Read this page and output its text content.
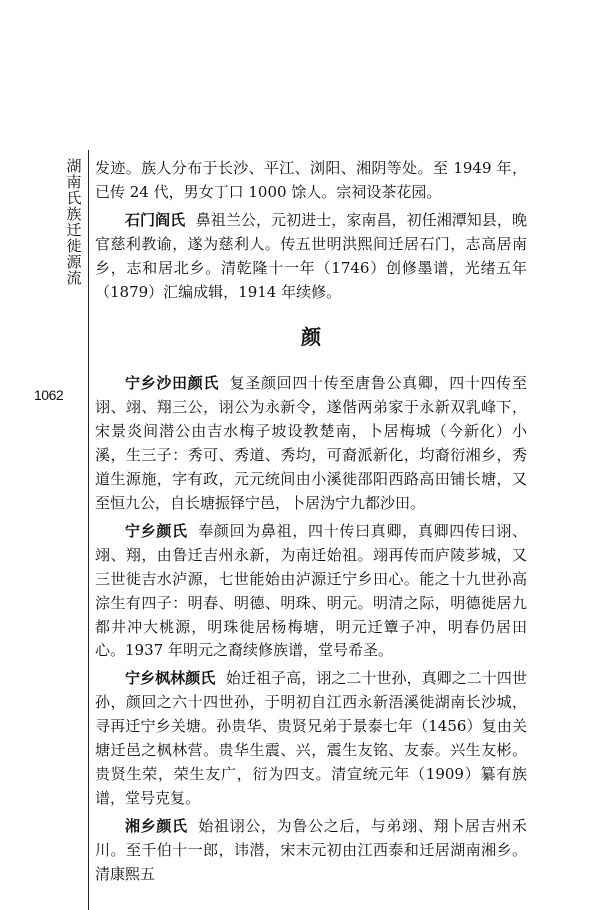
湖南氏族迁徙源流
1062

发迹。族人分布于长沙、平江、浏阳、湘阴等处。至 1949 年，已传 24 代，男女丁口 1000 馀人。宗祠设茶花园。

石门阎氏 鼻祖兰公，元初进士，家南昌，初任湘潭知县，晚官慈利教谕，遂为慈利人。传五世明洪熙间迁居石门，志高居南乡，志和居北乡。清乾隆十一年（1746）创修墨谱，光绪五年（1879）汇编成辑，1914 年续修。

颜

宁乡沙田颜氏 复圣颜回四十传至唐鲁公真卿，四十四传至诩、翊、翔三公，诩公为永新令，遂偕两弟家于永新双乳峰下，宋景炎间潜公由吉水梅子坡设教楚南，卜居梅城（今新化）小溪，生三子：秀可、秀道、秀均，可裔派新化，均裔衍湘乡，秀道生源施，字有政，元元统间由小溪徙邵阳西路高田铺长塘，又至恒九公，自长塘振铎宁邑，卜居沩宁九都沙田。

宁乡颜氏 奉颜回为鼻祖，四十传曰真卿，真卿四传曰诩、翊、翔，由鲁迁吉州永新，为南迁始祖。翊再传而庐陵芗城，又三世徙吉水泸源，七世能始由泸源迁宁乡田心。能之十九世孙高淙生有四子：明春、明德、明珠、明元。明清之际，明德徙居九都井冲大桃源，明珠徙居杨梅塘，明元迁簟子冲，明春仍居田心。1937 年明元之裔续修族谱，堂号希圣。

宁乡枫林颜氏 始迁祖子高，诩之二十世孙，真卿之二十四世孙，颜回之六十四世孙，于明初自江西永新浯溪徙湖南长沙城，寻再迁宁乡关塘。孙贵华、贵贤兄弟于景泰七年（1456）复由关塘迁邑之枫林营。贵华生震、兴，震生友铭、友泰。兴生友彬。贵贤生荣，荣生友广，衍为四支。清宣统元年（1909）纂有族谱，堂号克复。

湘乡颜氏 始祖诩公，为鲁公之后，与弟翊、翔卜居吉州禾川。至千伯十一郎，讳潜，宋末元初由江西泰和迁居湖南湘乡。清康熙五
